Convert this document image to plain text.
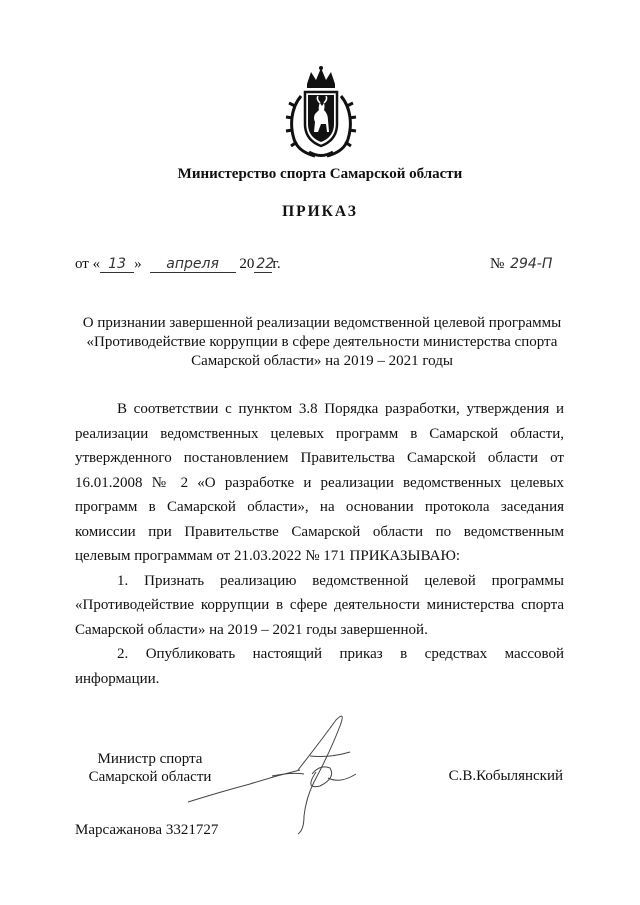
Министерство спорта Самарской области
ПРИКАЗ
от « 13 » апреля 20 22г.	№ 294-П
О признании завершенной реализации ведомственной целевой программы «Противодействие коррупции в сфере деятельности министерства спорта Самарской области» на 2019 – 2021 годы

В соответствии с пунктом 3.8 Порядка разработки, утверждения и реализации ведомственных целевых программ в Самарской области, утвержденного постановлением Правительства Самарской области от 16.01.2008 № 2 «О разработке и реализации ведомственных целевых программ в Самарской области», на основании протокола заседания комиссии при Правительстве Самарской области по ведомственным целевым программам от 21.03.2022 № 171 ПРИКАЗЫВАЮ:

1. Признать реализацию ведомственной целевой программы «Противодействие коррупции в сфере деятельности министерства спорта Самарской области» на 2019 – 2021 годы завершенной.

2. Опубликовать настоящий приказ в средствах массовой информации.

Министр спорта Самарской области	С.В.Кобылянский
Марсажанова 3321727
